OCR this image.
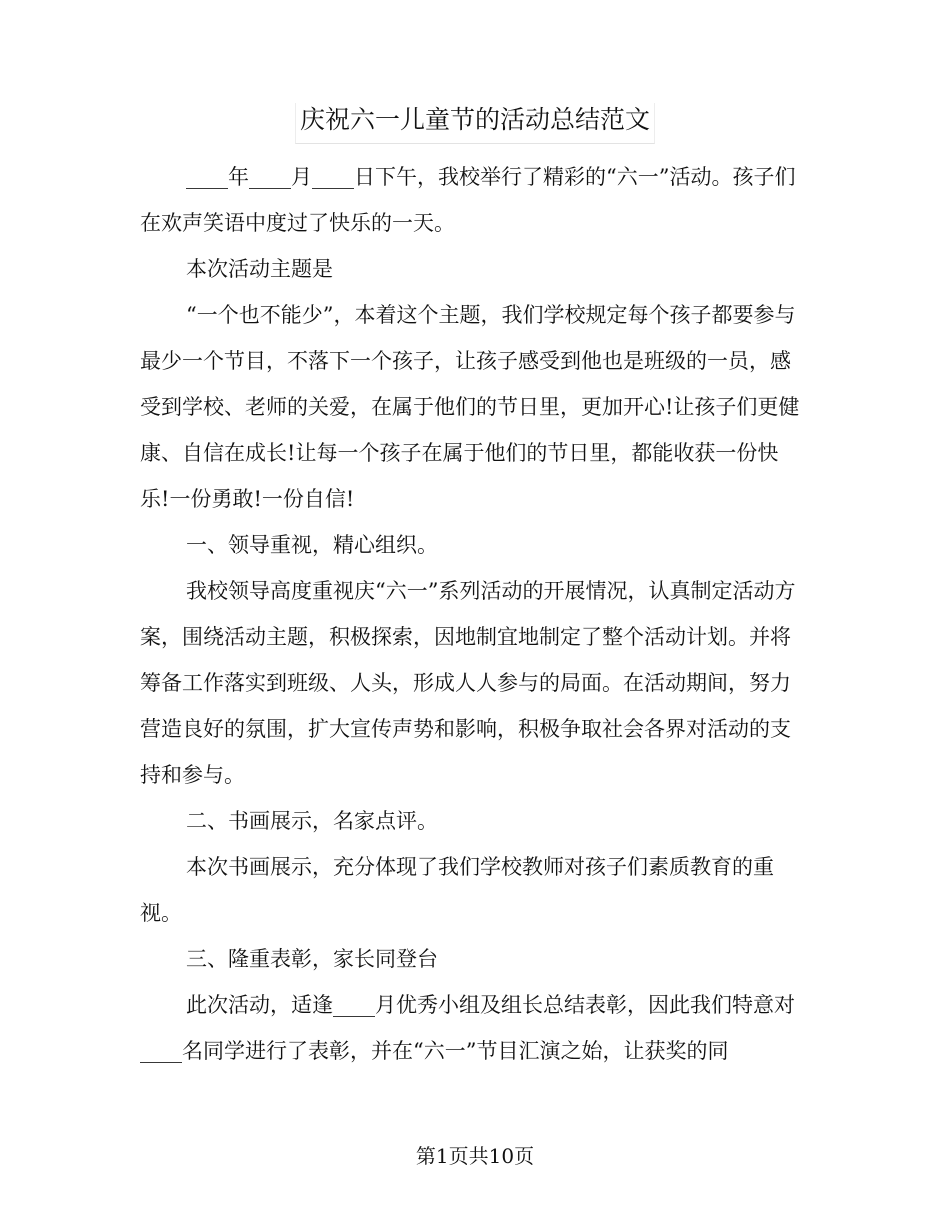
庆祝六一儿童节的活动总结范文

____年____月____日下午，我校举行了精彩的“六一”活动。孩子们在欢声笑语中度过了快乐的一天。

本次活动主题是

“一个也不能少”，本着这个主题，我们学校规定每个孩子都要参与最少一个节目，不落下一个孩子，让孩子感受到他也是班级的一员，感受到学校、老师的关爱，在属于他们的节日里，更加开心!让孩子们更健康、自信在成长!让每一个孩子在属于他们的节日里，都能收获一份快乐!一份勇敢!一份自信!

一、领导重视，精心组织。

我校领导高度重视庆“六一”系列活动的开展情况，认真制定活动方案，围绕活动主题，积极探索，因地制宜地制定了整个活动计划。并将筹备工作落实到班级、人头，形成人人参与的局面。在活动期间，努力营造良好的氛围，扩大宣传声势和影响，积极争取社会各界对活动的支持和参与。

二、书画展示，名家点评。

本次书画展示，充分体现了我们学校教师对孩子们素质教育的重视。

三、隆重表彰，家长同登台

此次活动，适逢____月优秀小组及组长总结表彰，因此我们特意对____名同学进行了表彰，并在“六一”节目汇演之始，让获奖的同

第1页共10页
